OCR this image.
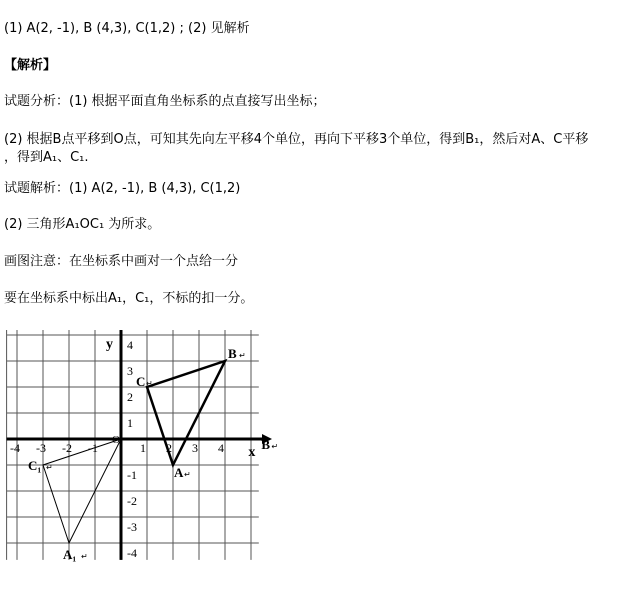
(1) A(2, -1), B (4,3), C(1,2) ; (2) 见解析
【解析】
试题分析：(1) 根据平面直角坐标系的点直接写出坐标；
(2) 根据B点平移到O点，可知其先向左平移4个单位，再向下平移3个单位，得到B₁，然后对A、C平移
，得到A₁、C₁.
试题解析：(1) A(2, -1), B (4,3), C(1,2)
(2) 三角形A₁OC₁ 为所求。
画图注意：在坐标系中画对一个点给一分
要在坐标系中标出A₁，C₁，不标的扣一分。
x
y
O
-4 -3 -2 -1	1 2 3 4
4
3
2
1
-1
-2
-3
-4
A ↵
B ↵
C ↵
C₁ ↵
A₁ ↵
B ↵
